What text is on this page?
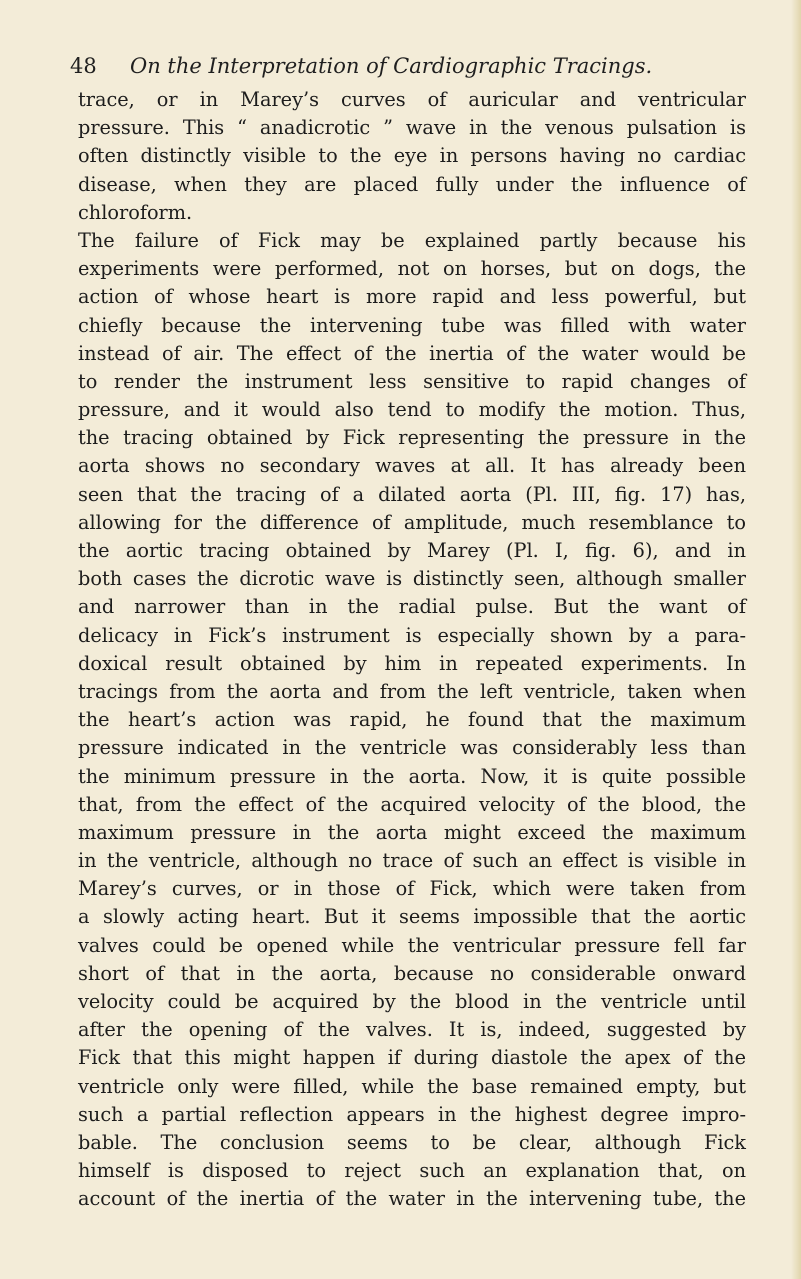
48 On the Interpretation of Cardiographic Tracings.
trace, or in Marey’s curves of auricular and ventricular
pressure. This “ anadicrotic ” wave in the venous pulsation is
often distinctly visible to the eye in persons having no cardiac
disease, when they are placed fully under the influence of
chloroform.
The failure of Fick may be explained partly because his
experiments were performed, not on horses, but on dogs, the
action of whose heart is more rapid and less powerful, but
chiefly because the intervening tube was filled with water
instead of air. The effect of the inertia of the water would be
to render the instrument less sensitive to rapid changes of
pressure, and it would also tend to modify the motion. Thus,
the tracing obtained by Fick representing the pressure in the
aorta shows no secondary waves at all. It has already been
seen that the tracing of a dilated aorta (Pl. III, fig. 17) has,
allowing for the difference of amplitude, much resemblance to
the aortic tracing obtained by Marey (Pl. I, fig. 6), and in
both cases the dicrotic wave is distinctly seen, although smaller
and narrower than in the radial pulse. But the want of
delicacy in Fick’s instrument is especially shown by a para-
doxical result obtained by him in repeated experiments. In
tracings from the aorta and from the left ventricle, taken when
the heart’s action was rapid, he found that the maximum
pressure indicated in the ventricle was considerably less than
the minimum pressure in the aorta. Now, it is quite possible
that, from the effect of the acquired velocity of the blood, the
maximum pressure in the aorta might exceed the maximum
in the ventricle, although no trace of such an effect is visible in
Marey’s curves, or in those of Fick, which were taken from
a slowly acting heart. But it seems impossible that the aortic
valves could be opened while the ventricular pressure fell far
short of that in the aorta, because no considerable onward
velocity could be acquired by the blood in the ventricle until
after the opening of the valves. It is, indeed, suggested by
Fick that this might happen if during diastole the apex of the
ventricle only were filled, while the base remained empty, but
such a partial reflection appears in the highest degree impro-
bable. The conclusion seems to be clear, although Fick
himself is disposed to reject such an explanation that, on
account of the inertia of the water in the intervening tube, the
